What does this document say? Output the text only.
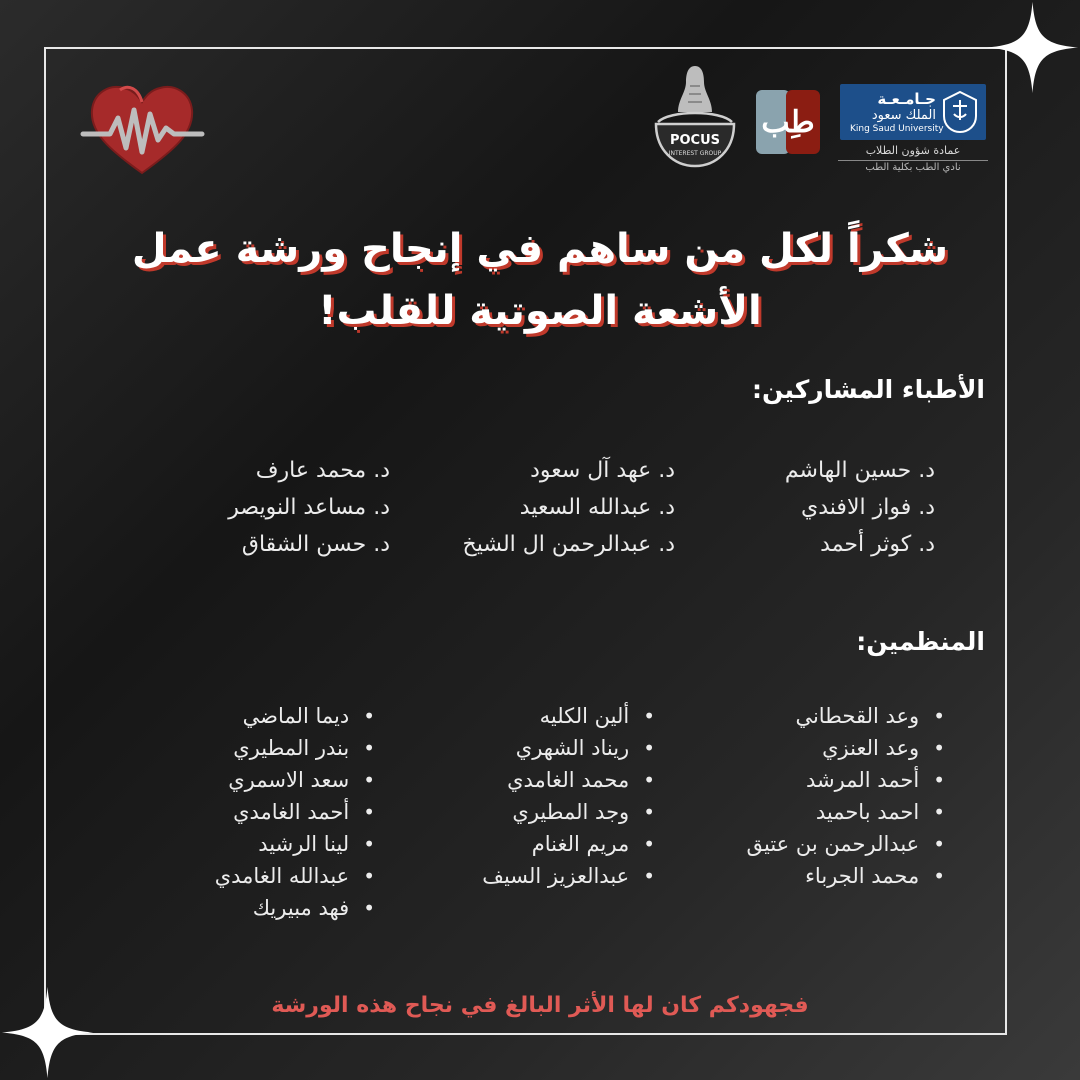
POCUS
INTEREST GROUP
طِب
جـامـعـة
الملك سعود
King Saud University
عمادة شؤون الطلاب
نادي الطب بكلية الطب
شكراً لكل من ساهم في إنجاح ورشة عمل
الأشعة الصوتية للقلب!
الأطباء المشاركين:
د. حسين الهاشم
د. فواز الافندي
د. كوثر أحمد
د. عهد آل سعود
د. عبدالله السعيد
د. عبدالرحمن ال الشيخ
د. محمد عارف
د. مساعد النويصر
د. حسن الشقاق
المنظمين:
• وعد القحطاني
• وعد العنزي
• أحمد المرشد
• احمد باحميد
• عبدالرحمن بن عتيق
• محمد الجرباء
• ألين الكليه
• ريناد الشهري
• محمد الغامدي
• وجد المطيري
• مريم الغنام
• عبدالعزيز السيف
• ديما الماضي
• بندر المطيري
• سعد الاسمري
• أحمد الغامدي
• لينا الرشيد
• عبدالله الغامدي
• فهد مبيريك
فجهودكم كان لها الأثر البالغ في نجاح هذه الورشة
